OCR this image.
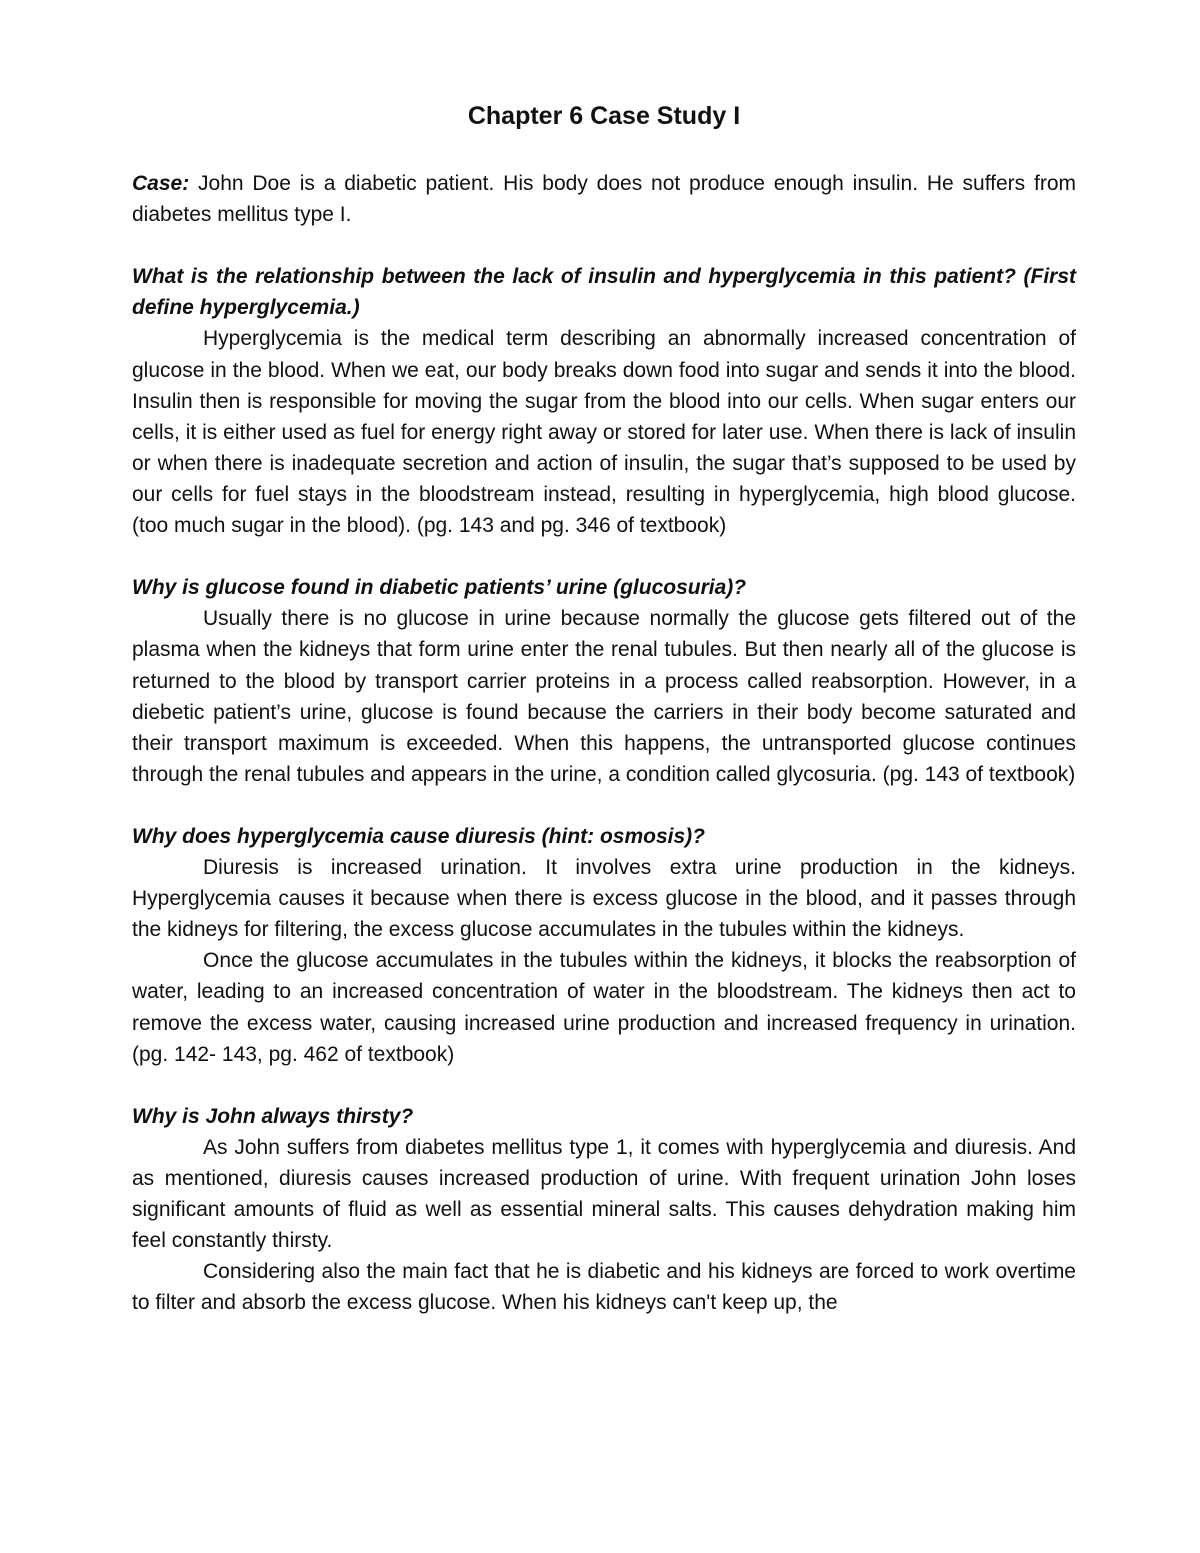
Chapter 6 Case Study I

Case: John Doe is a diabetic patient. His body does not produce enough insulin. He suffers from diabetes mellitus type I.

What is the relationship between the lack of insulin and hyperglycemia in this patient? (First define hyperglycemia.)

Hyperglycemia is the medical term describing an abnormally increased concentration of glucose in the blood. When we eat, our body breaks down food into sugar and sends it into the blood. Insulin then is responsible for moving the sugar from the blood into our cells. When sugar enters our cells, it is either used as fuel for energy right away or stored for later use. When there is lack of insulin or when there is inadequate secretion and action of insulin, the sugar that’s supposed to be used by our cells for fuel stays in the bloodstream instead, resulting in hyperglycemia, high blood glucose. (too much sugar in the blood). (pg. 143 and pg. 346 of textbook)

Why is glucose found in diabetic patients’ urine (glucosuria)?

Usually there is no glucose in urine because normally the glucose gets filtered out of the plasma when the kidneys that form urine enter the renal tubules. But then nearly all of the glucose is returned to the blood by transport carrier proteins in a process called reabsorption. However, in a diebetic patient’s urine, glucose is found because the carriers in their body become saturated and their transport maximum is exceeded. When this happens, the untransported glucose continues through the renal tubules and appears in the urine, a condition called glycosuria. (pg. 143 of textbook)

Why does hyperglycemia cause diuresis (hint: osmosis)?

Diuresis is increased urination. It involves extra urine production in the kidneys. Hyperglycemia causes it because when there is excess glucose in the blood, and it passes through the kidneys for filtering, the excess glucose accumulates in the tubules within the kidneys.

Once the glucose accumulates in the tubules within the kidneys, it blocks the reabsorption of water, leading to an increased concentration of water in the bloodstream. The kidneys then act to remove the excess water, causing increased urine production and increased frequency in urination. (pg. 142- 143, pg. 462 of textbook)

Why is John always thirsty?

As John suffers from diabetes mellitus type 1, it comes with hyperglycemia and diuresis. And as mentioned, diuresis causes increased production of urine. With frequent urination John loses significant amounts of fluid as well as essential mineral salts. This causes dehydration making him feel constantly thirsty.

Considering also the main fact that he is diabetic and his kidneys are forced to work overtime to filter and absorb the excess glucose. When his kidneys can't keep up, the
